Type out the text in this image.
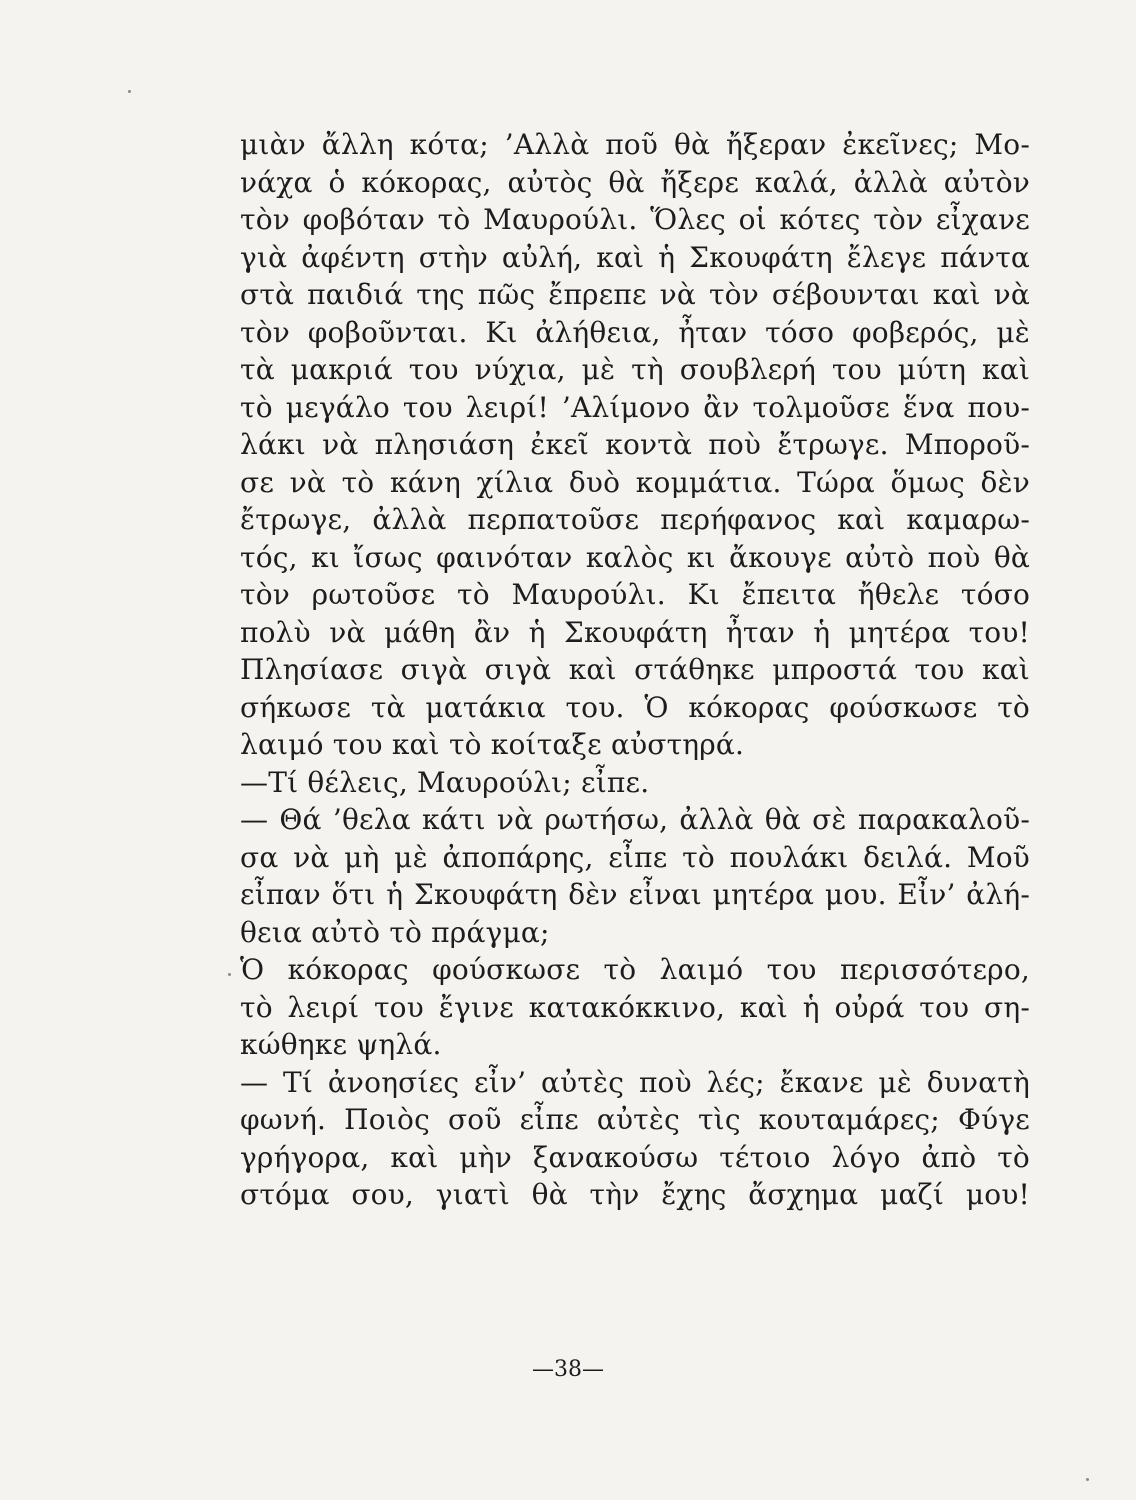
μιὰν ἄλλη κότα; ’Αλλὰ ποῦ θὰ ἤξεραν ἐκεῖνες; Μο-
νάχα ὁ κόκορας, αὐτὸς θὰ ἤξερε καλά, ἀλλὰ αὐτὸν
τὸν φοβόταν τὸ Μαυρούλι. Ὅλες οἱ κότες τὸν εἶχανε
γιὰ ἀφέντη στὴν αὐλή, καὶ ἡ Σκουφάτη ἔλεγε πάντα
στὰ παιδιά της πῶς ἔπρεπε νὰ τὸν σέβουνται καὶ νὰ
τὸν φοβοῦνται. Κι ἀλήθεια, ἦταν τόσο φοβερός, μὲ
τὰ μακριά του νύχια, μὲ τὴ σουβλερή του μύτη καὶ
τὸ μεγάλο του λειρί! ’Αλίμονο ἂν τολμοῦσε ἕνα που-
λάκι νὰ πλησιάση ἐκεῖ κοντὰ ποὺ ἔτρωγε. Μποροῦ-
σε νὰ τὸ κάνη χίλια δυὸ κομμάτια. Τώρα ὅμως δὲν
ἔτρωγε, ἀλλὰ περπατοῦσε περήφανος καὶ καμαρω-
τός, κι ἴσως φαινόταν καλὸς κι ἄκουγε αὐτὸ ποὺ θὰ
τὸν ρωτοῦσε τὸ Μαυρούλι. Κι ἔπειτα ἤθελε τόσο
πολὺ νὰ μάθη ἂν ἡ Σκουφάτη ἦταν ἡ μητέρα του!
Πλησίασε σιγὰ σιγὰ καὶ στάθηκε μπροστά του καὶ
σήκωσε τὰ ματάκια του. Ὁ κόκορας φούσκωσε τὸ
λαιμό του καὶ τὸ κοίταξε αὐστηρά.
—Τί θέλεις, Μαυρούλι; εἶπε.
— Θά ’θελα κάτι νὰ ρωτήσω, ἀλλὰ θὰ σὲ παρακαλοῦ-
σα νὰ μὴ μὲ ἀποπάρης, εἶπε τὸ πουλάκι δειλά. Μοῦ
εἶπαν ὅτι ἡ Σκουφάτη δὲν εἶναι μητέρα μου. Εἶν’ ἀλή-
θεια αὐτὸ τὸ πράγμα;
Ὁ κόκορας φούσκωσε τὸ λαιμό του περισσότερο,
τὸ λειρί του ἔγινε κατακόκκινο, καὶ ἡ οὐρά του ση-
κώθηκε ψηλά.
— Τί ἀνοησίες εἶν’ αὐτὲς ποὺ λές; ἔκανε μὲ δυνατὴ
φωνή. Ποιὸς σοῦ εἶπε αὐτὲς τὶς κουταμάρες; Φύγε
γρήγορα, καὶ μὴν ξανακούσω τέτοιο λόγο ἀπὸ τὸ
στόμα σου, γιατὶ θὰ τὴν ἔχης ἄσχημα μαζί μου!
—38—
